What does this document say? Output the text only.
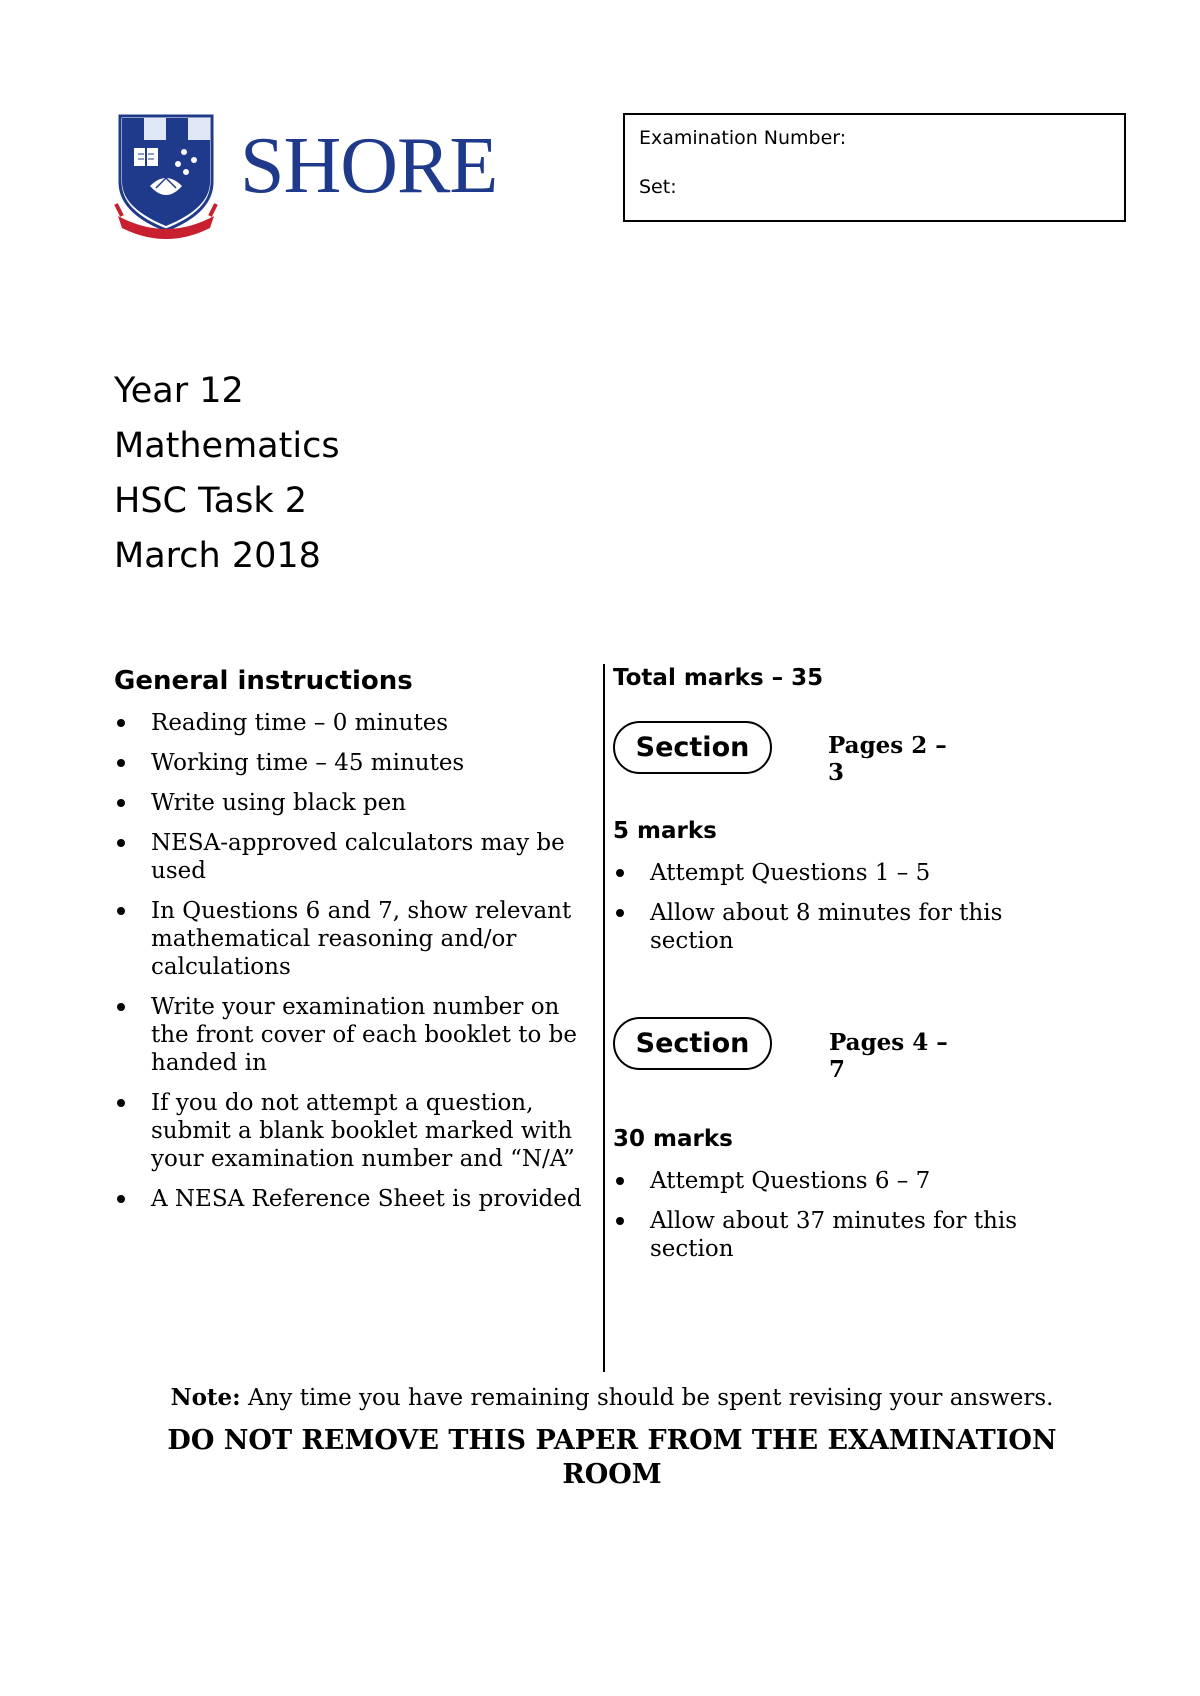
SHORE	Examination Number:
Set:
Year 12
Mathematics
HSC Task 2
March 2018
General instructions
Reading time – 0 minutes
Working time – 45 minutes
Write using black pen
NESA-approved calculators may be used
In Questions 6 and 7, show relevant mathematical reasoning and/or calculations
Write your examination number on the front cover of each booklet to be handed in
If you do not attempt a question, submit a blank booklet marked with your examination number and “N/A”
A NESA Reference Sheet is provided
Total marks – 35
Section	Pages 2 – 3
5 marks
Attempt Questions 1 – 5
Allow about 8 minutes for this section
Section	Pages 4 – 7
30 marks
Attempt Questions 6 – 7
Allow about 37 minutes for this section
Note: Any time you have remaining should be spent revising your answers.
DO NOT REMOVE THIS PAPER FROM THE EXAMINATION ROOM
